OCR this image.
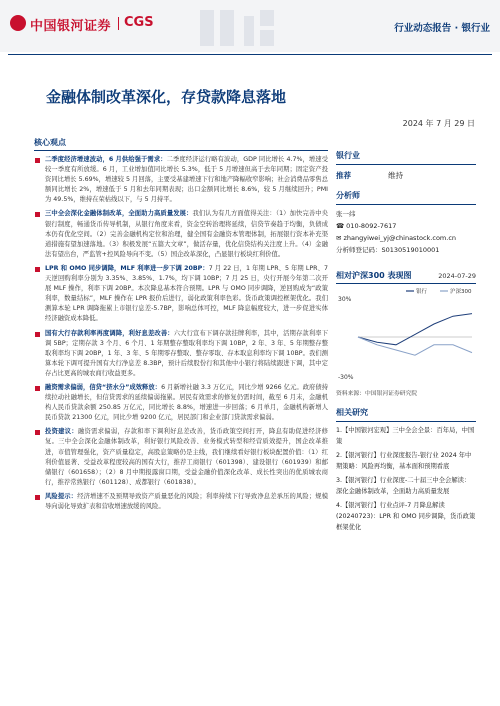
中国银河证券 CGS	行业动态报告 · 银行业
金融体制改革深化，存贷款降息落地
2024 年 7 月 29 日
核心观点
二季度经济增速波动，6 月供给强于需求：二季度经济运行略有波动，GDP 同比增长 4.7%，增速受较一季度有所放缓。6 月，工业增加值同比增长 5.3%，低于 5 月增速但高于去年同期；固定资产投资同比增长 5.69%，增速较 5 月回落，主要受基建增速下行和地产降幅收窄影响；社会消费品零售总额同比增长 2%，增速低于 5 月和去年同期表现；出口金额同比增长 8.6%，较 5 月继续回升；PMI 为 49.5%，维持在荣枯线以下，与 5 月持平。
三中全会深化金融体制改革，全面助力高质量发展：我们认为有几方面值得关注：（1）加快完善中央银行制度，畅通货币传导机制，从银行角度来看，资金空转治理将延续，信贷节奏趋于均衡，负债成本仍有优化空间。（2）完善金融机构定位和治理，健全国有金融资本管理体制，拓展银行资本补充渠道措施有望加速落地。（3）积极发展“五篇大文章”，做活存量，优化信贷结构关注度上升。（4）金融法有望出台，严监管+控风险导向不变。（5）国企改革深化，凸显银行板块红利价值。
LPR 和 OMO 同步调降，MLF 利率进一步下调 20BP：7 月 22 日，1 年期 LPR、5 年期 LPR、7 天逆回购利率分别为 3.35%、3.85%、1.7%，均下调 10BP；7 月 25 日，央行开展今年第二次开展 MLF 操作，利率下调 20BP。本次降息基本符合预期。LPR 与 OMO 同步调降，逆回购成为“政策利率，数量结标”，MLF 操作在 LPR 报价后进行，弱化政策利率色彩。货币政策调控框架优化。我们测算本轮 LPR 调降拖累上市银行息差-5.7BP，影响总体可控，MLF 降息幅度较大，进一步促进实体经济融资成本降低。
国有大行存款利率再度调降，利好息差改善：六大行宣布下调存款挂牌利率，其中，活期存款利率下调 5BP；定期存款 3 个月、6 个月、1 年期整存整取利率均下调 10BP，2 年、3 年、5 年期整存整取利率均下调 20BP，1 年、3 年、5 年期零存整取、整存零取、存本取息利率均下调 10BP。我们测算本轮下调可提升国有大行净息差 8.3BP，预计后续股份行和其他中小银行将陆续跟进下调，其中定存占比更高的城农商行收益更多。
融资需求偏弱，信贷“挤水分”成效释放：6 月新增社融 3.3 万亿元，同比少增 9266 亿元。政府债持续拉动社融增长，但信贷需求的延续偏弱拖累。居民有效需求的修复仍需时间，截至 6 月末，金融机构人民币贷款余额 250.85 万亿元，同比增长 8.8%，增速进一步回落；6 月单月，金融机构新增人民币贷款 21300 亿元，同比少增 9200 亿元，居民部门和企业部门贷款需求偏弱。
投资建议：融资需求偏弱，存款和率下调利好息差改善，货币政策空间打开，降息有助促进经济修复。三中全会深化金融体制改革，利好银行风险改善、业务模式转型和经营质效提升，国企改革推进，市值管理强化，资产质量稳定，高股息策略仍是主线，我们继续看好银行板块配置价值：（1）红利价值显著、受益改革程度较高的国有大行，推荐工商银行（601398）、建设银行（601939）和邮储银行（601658）；（2）8 月中期报露窗口期，受益金融价值深化改革、成长性突出的优质城农商行，推荐常熟银行（601128）、成都银行（601838）。
风险提示：经济增速不及预期导致资产质量恶化的风险；利率持续下行导致净息差承压的风险；规模导向弱化导致扩表和营收增速放缓的风险。
银行业
推荐	维持
分析师

张一纬

☎ 010-8092-7617

✉ zhangyiwei_yj@chinastock.com.cn

分析师登记码：S0130519010001

相对沪深300 表现图	2024-07-29
30%
-30%
银行	沪深300
资料来源：中国银河证券研究院
相关研究

1.【中国银河宏观】三中全会全景：百年局，中国策

2.【银河银行】行业深度报告-银行业 2024 年中期策略：风险再均衡，基本面和预期看底

3.【银河银行】行业深度-二十届三中全会解读：深化金融体制改革，全面助力高质量发展

4.【银河银行】行业点评-7 月降息解读(20240723)：LPR 和 OMO 同步调降，货币政策框架优化
